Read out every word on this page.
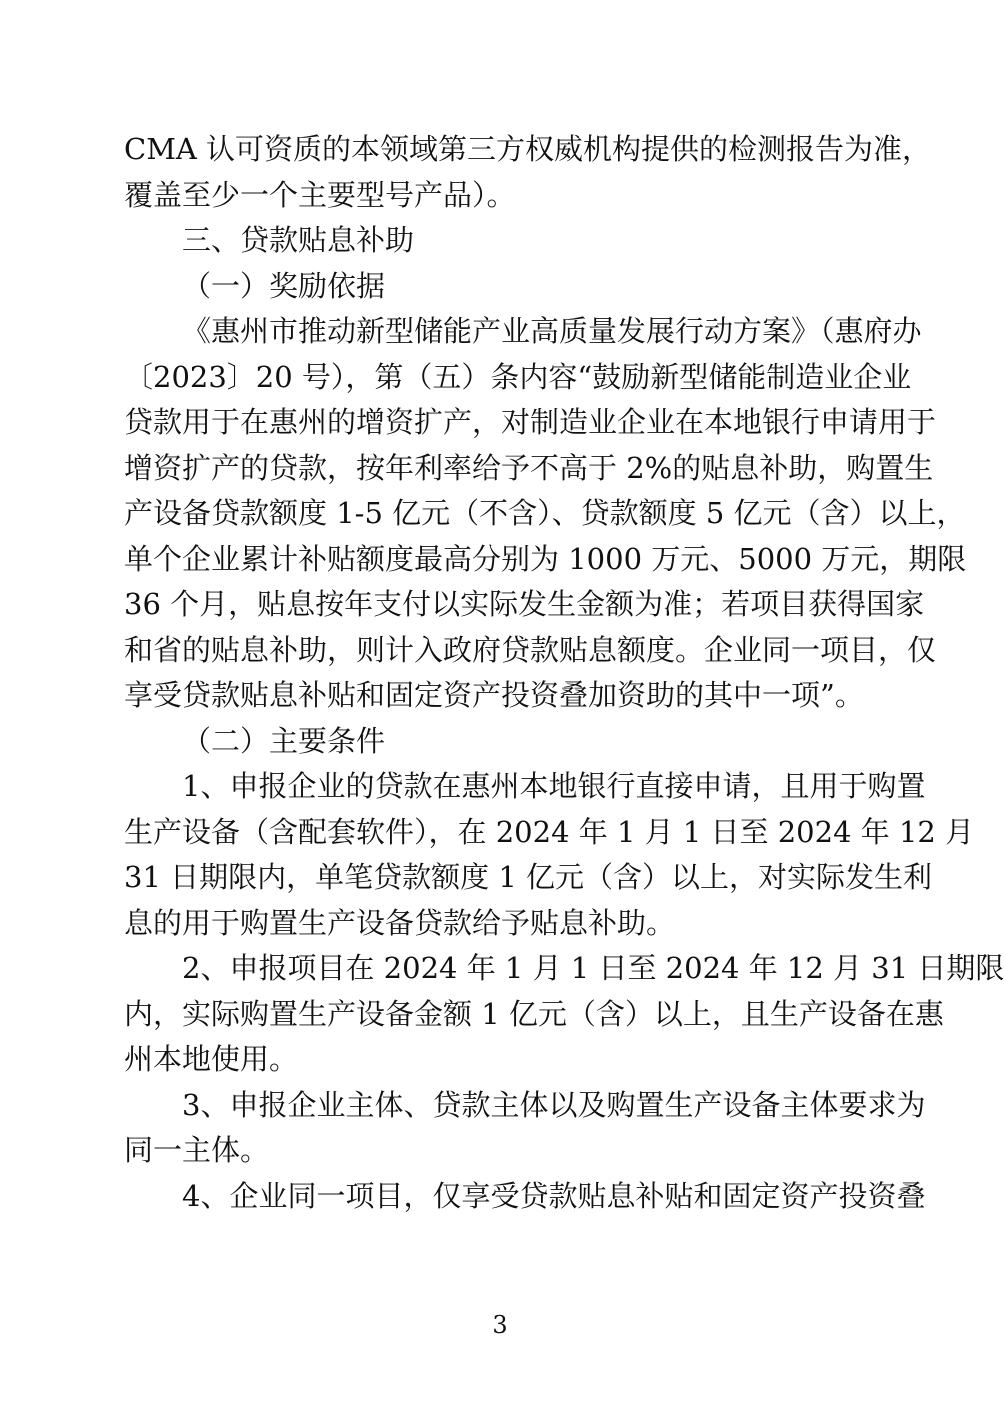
CMA 认可资质的本领域第三方权威机构提供的检测报告为准，
覆盖至少一个主要型号产品）。
三、贷款贴息补助
（一）奖励依据
《惠州市推动新型储能产业高质量发展行动方案》（惠府办
〔2023〕20 号），第（五）条内容“鼓励新型储能制造业企业
贷款用于在惠州的增资扩产，对制造业企业在本地银行申请用于
增资扩产的贷款，按年利率给予不高于 2%的贴息补助，购置生
产设备贷款额度 1-5 亿元（不含）、贷款额度 5 亿元（含）以上，
单个企业累计补贴额度最高分别为 1000 万元、5000 万元，期限
36 个月，贴息按年支付以实际发生金额为准；若项目获得国家
和省的贴息补助，则计入政府贷款贴息额度。企业同一项目，仅
享受贷款贴息补贴和固定资产投资叠加资助的其中一项”。
（二）主要条件
1、申报企业的贷款在惠州本地银行直接申请，且用于购置
生产设备（含配套软件），在 2024 年 1 月 1 日至 2024 年 12 月
31 日期限内，单笔贷款额度 1 亿元（含）以上，对实际发生利
息的用于购置生产设备贷款给予贴息补助。
2、申报项目在 2024 年 1 月 1 日至 2024 年 12 月 31 日期限
内，实际购置生产设备金额 1 亿元（含）以上，且生产设备在惠
州本地使用。
3、申报企业主体、贷款主体以及购置生产设备主体要求为
同一主体。
4、企业同一项目，仅享受贷款贴息补贴和固定资产投资叠
3
